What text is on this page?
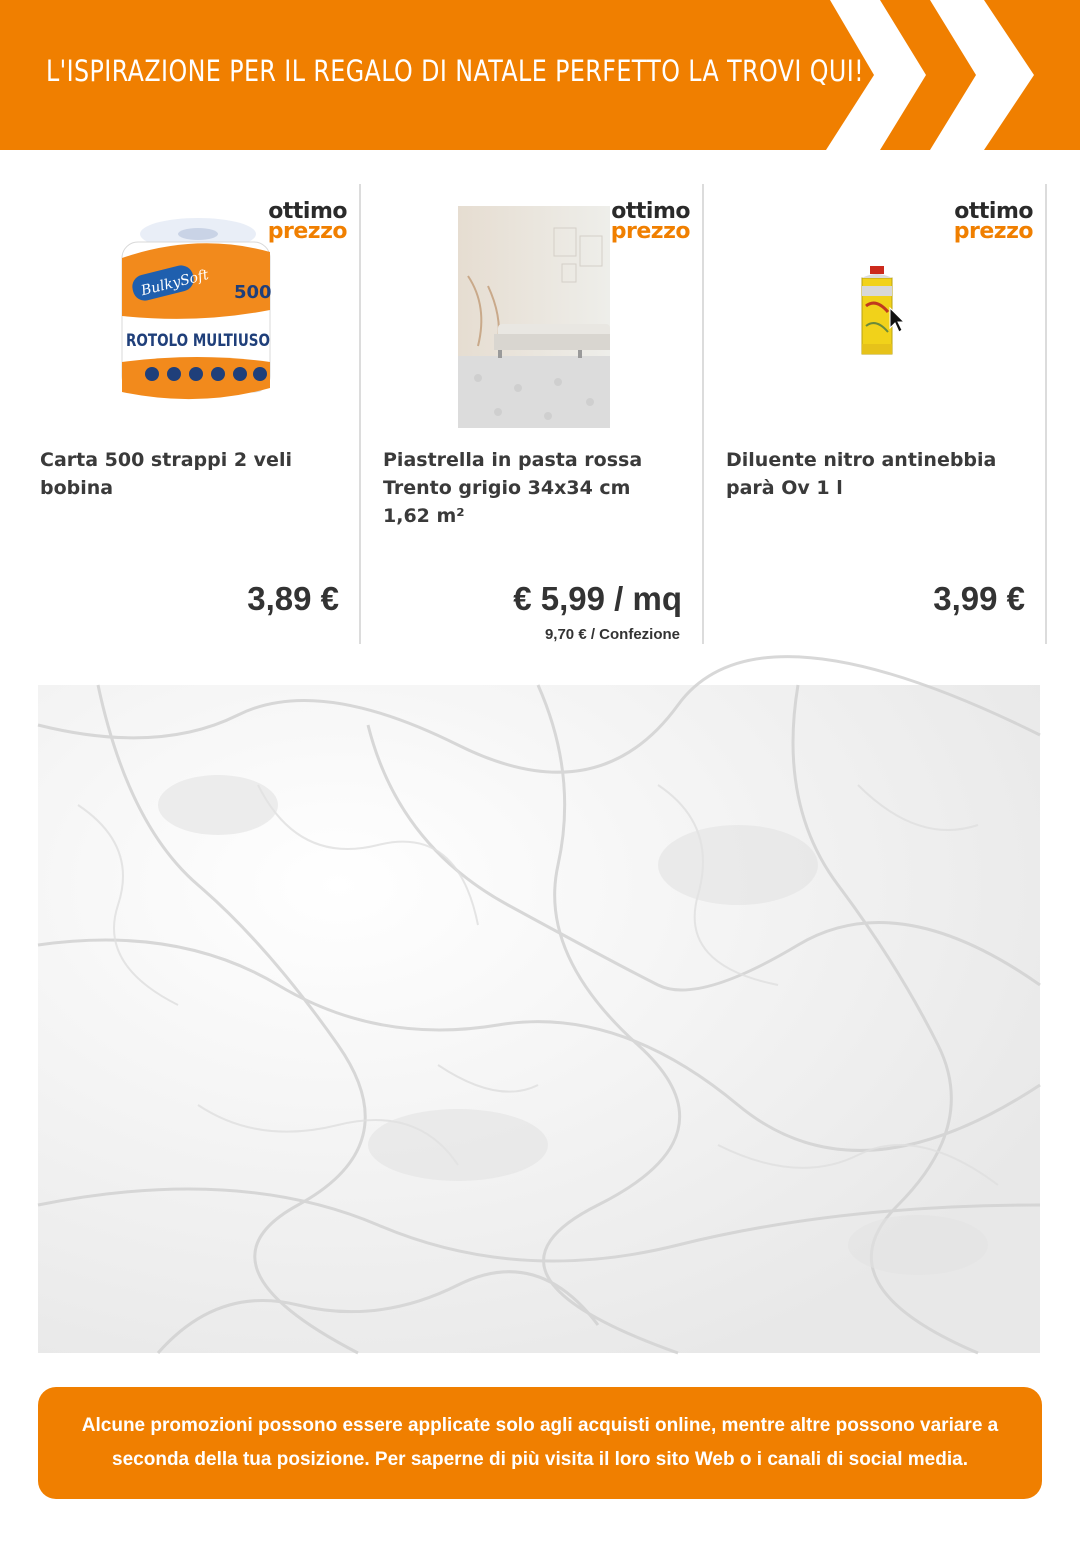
L'ISPIRAZIONE PER IL REGALO DI NATALE PERFETTO LA TROVI QUI!
ottimo
prezzo
BulkySoft 500
ROTOLO MULTIUSO
Carta 500 strappi 2 veli bobina
3,89 €
ottimo
prezzo
Piastrella in pasta rossa Trento grigio 34x34 cm 1,62 m²
€ 5,99 / mq
9,70 € / Confezione
ottimo
prezzo
Diluente nitro antinebbia parà Ov 1 l
3,99 €

Alcune promozioni possono essere applicate solo agli acquisti online, mentre altre possono variare a seconda della tua posizione. Per saperne di più visita il loro sito Web o i canali di social media.
